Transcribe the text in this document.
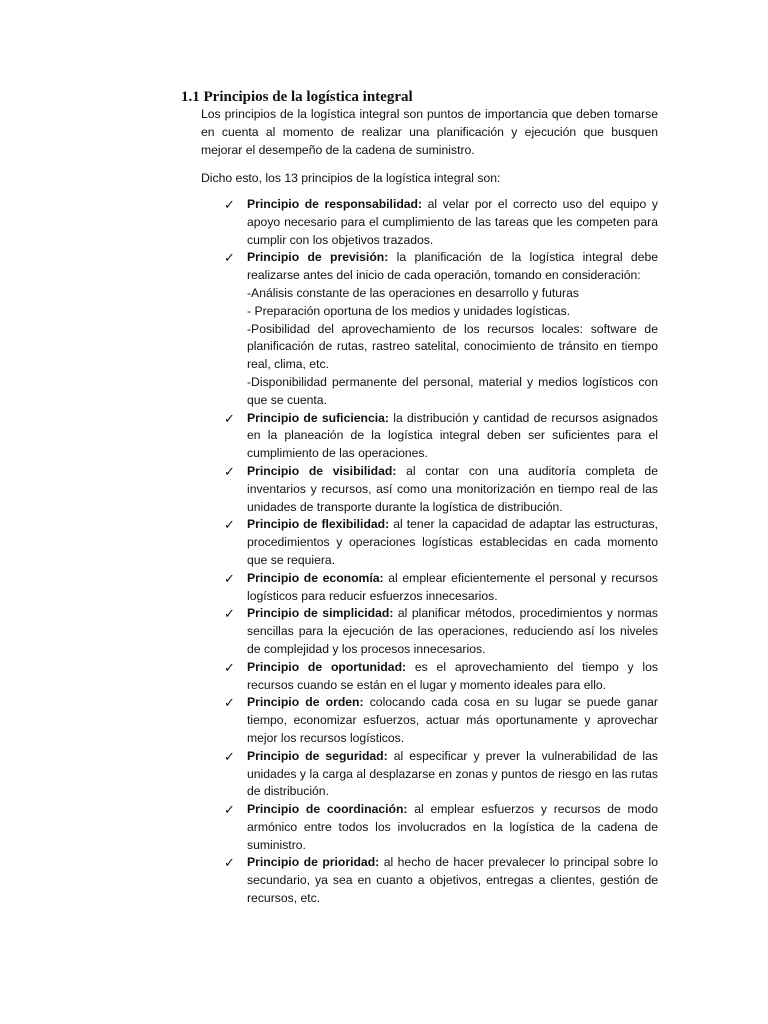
1.1 Principios de la logística integral

Los principios de la logística integral son puntos de importancia que deben tomarse en cuenta al momento de realizar una planificación y ejecución que busquen mejorar el desempeño de la cadena de suministro.

Dicho esto, los 13 principios de la logística integral son:

✓ Principio de responsabilidad: al velar por el correcto uso del equipo y apoyo necesario para el cumplimiento de las tareas que les competen para cumplir con los objetivos trazados.
✓ Principio de previsión: la planificación de la logística integral debe realizarse antes del inicio de cada operación, tomando en consideración:
-Análisis constante de las operaciones en desarrollo y futuras
- Preparación oportuna de los medios y unidades logísticas.
-Posibilidad del aprovechamiento de los recursos locales: software de planificación de rutas, rastreo satelital, conocimiento de tránsito en tiempo real, clima, etc.
-Disponibilidad permanente del personal, material y medios logísticos con que se cuenta.
✓ Principio de suficiencia: la distribución y cantidad de recursos asignados en la planeación de la logística integral deben ser suficientes para el cumplimiento de las operaciones.
✓ Principio de visibilidad: al contar con una auditoría completa de inventarios y recursos, así como una monitorización en tiempo real de las unidades de transporte durante la logística de distribución.
✓ Principio de flexibilidad: al tener la capacidad de adaptar las estructuras, procedimientos y operaciones logísticas establecidas en cada momento que se requiera.
✓ Principio de economía: al emplear eficientemente el personal y recursos logísticos para reducir esfuerzos innecesarios.
✓ Principio de simplicidad: al planificar métodos, procedimientos y normas sencillas para la ejecución de las operaciones, reduciendo así los niveles de complejidad y los procesos innecesarios.
✓ Principio de oportunidad: es el aprovechamiento del tiempo y los recursos cuando se están en el lugar y momento ideales para ello.
✓ Principio de orden: colocando cada cosa en su lugar se puede ganar tiempo, economizar esfuerzos, actuar más oportunamente y aprovechar mejor los recursos logísticos.
✓ Principio de seguridad: al especificar y prever la vulnerabilidad de las unidades y la carga al desplazarse en zonas y puntos de riesgo en las rutas de distribución.
✓ Principio de coordinación: al emplear esfuerzos y recursos de modo armónico entre todos los involucrados en la logística de la cadena de suministro.
✓ Principio de prioridad: al hecho de hacer prevalecer lo principal sobre lo secundario, ya sea en cuanto a objetivos, entregas a clientes, gestión de recursos, etc.
